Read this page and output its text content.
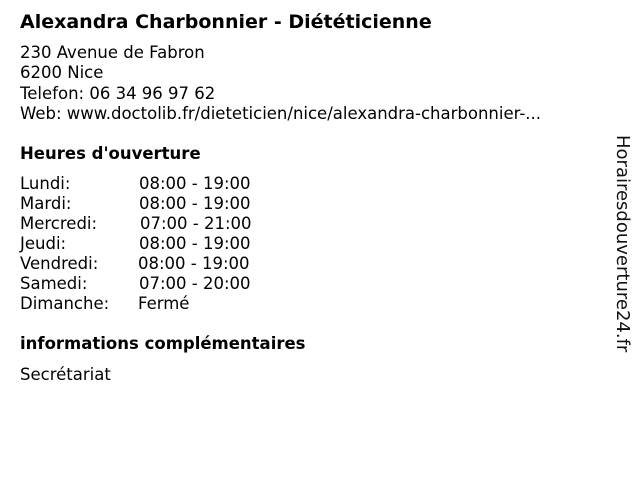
Alexandra Charbonnier - Diététicienne
230 Avenue de Fabron
6200 Nice
Telefon: 06 34 96 97 62
Web: www.doctolib.fr/dieteticien/nice/alexandra-charbonnier-...
Heures d'ouverture
Lundi:	08:00 - 19:00
Mardi:	08:00 - 19:00
Mercredi:	07:00 - 21:00
Jeudi:	08:00 - 19:00
Vendredi: 08:00 - 19:00
Samedi:	07:00 - 20:00
Dimanche: Fermé
informations complémentaires
Secrétariat
Horairesdouverture24.fr
